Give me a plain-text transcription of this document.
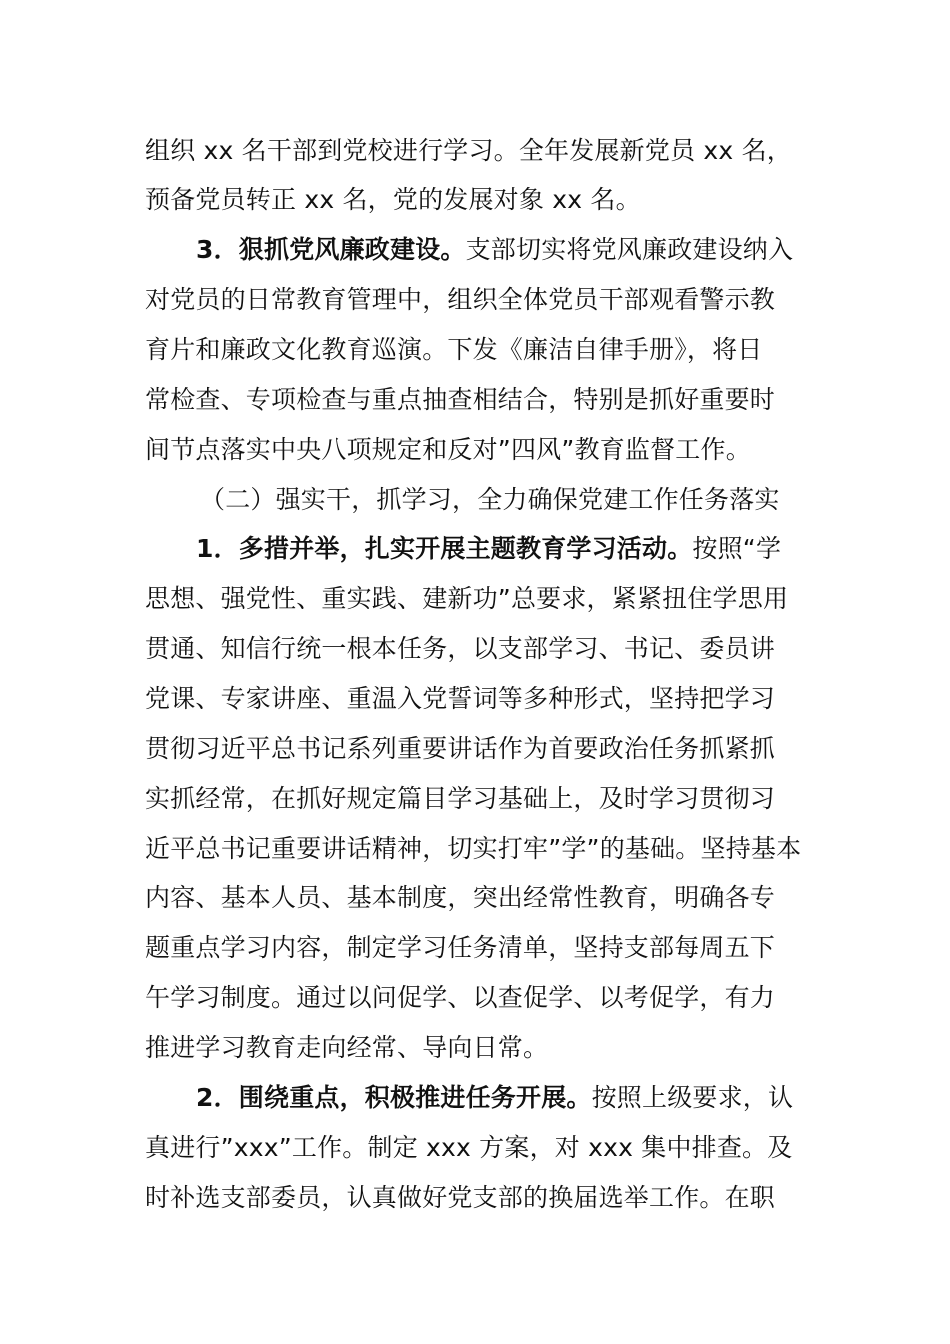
组织 xx 名干部到党校进行学习。全年发展新党员 xx 名，
预备党员转正 xx 名，党的发展对象 xx 名。
3．狠抓党风廉政建设。支部切实将党风廉政建设纳入
对党员的日常教育管理中，组织全体党员干部观看警示教
育片和廉政文化教育巡演。下发《廉洁自律手册》，将日
常检查、专项检查与重点抽查相结合，特别是抓好重要时
间节点落实中央八项规定和反对”四风”教育监督工作。
（二）强实干，抓学习，全力确保党建工作任务落实
1．多措并举，扎实开展主题教育学习活动。按照“学
思想、强党性、重实践、建新功”总要求，紧紧扭住学思用
贯通、知信行统一根本任务，以支部学习、书记、委员讲
党课、专家讲座、重温入党誓词等多种形式，坚持把学习
贯彻习近平总书记系列重要讲话作为首要政治任务抓紧抓
实抓经常，在抓好规定篇目学习基础上，及时学习贯彻习
近平总书记重要讲话精神，切实打牢”学”的基础。坚持基本
内容、基本人员、基本制度，突出经常性教育，明确各专
题重点学习内容，制定学习任务清单，坚持支部每周五下
午学习制度。通过以问促学、以查促学、以考促学，有力
推进学习教育走向经常、导向日常。
2．围绕重点，积极推进任务开展。按照上级要求，认
真进行”xxx”工作。制定 xxx 方案，对 xxx 集中排查。及
时补选支部委员，认真做好党支部的换届选举工作。在职
